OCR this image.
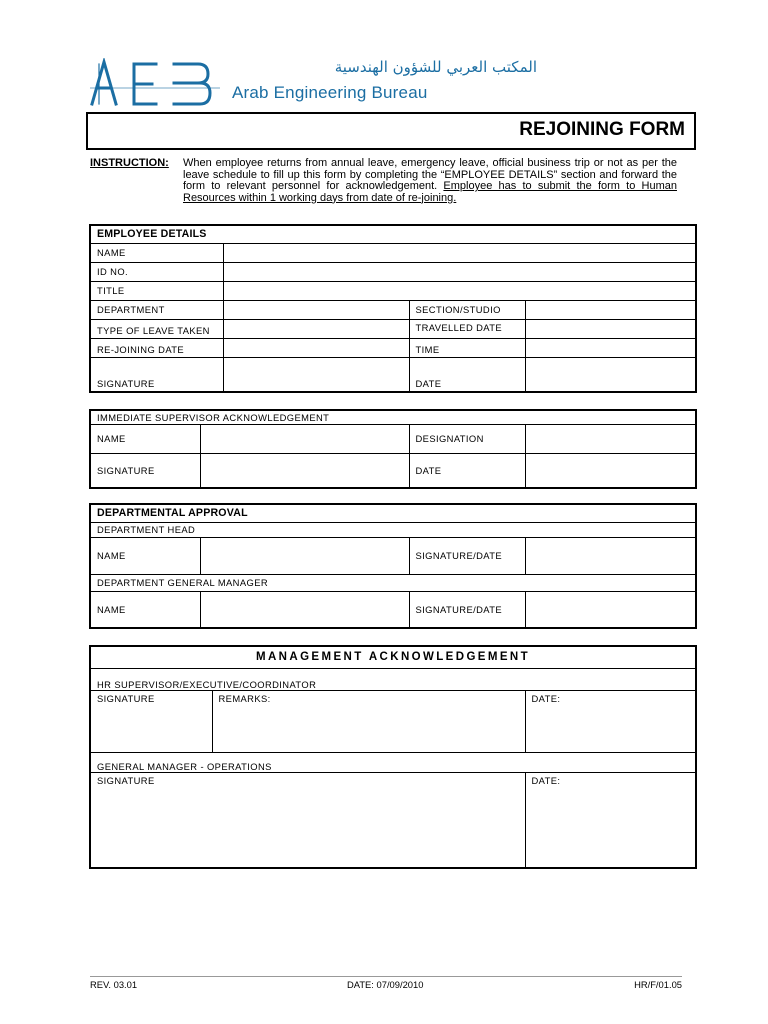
المكتب العربي للشؤون الهندسية
Arab Engineering Bureau
REJOINING FORM
INSTRUCTION: When employee returns from annual leave, emergency leave, official business trip or not as per the leave schedule to fill up this form by completing the “EMPLOYEE DETAILS” section and forward the form to relevant personnel for acknowledgement. Employee has to submit the form to Human Resources within 1 working days from date of re-joining.
EMPLOYEE DETAILS			
NAME			
ID NO.			
TITLE			
DEPARTMENT		SECTION/STUDIO	
TYPE OF LEAVE TAKEN		TRAVELLED DATE	
RE-JOINING DATE		TIME	
SIGNATURE		DATE	
IMMEDIATE SUPERVISOR ACKNOWLEDGEMENT			
NAME		DESIGNATION	
SIGNATURE		DATE	
DEPARTMENTAL APPROVAL			
DEPARTMENT HEAD			
NAME		SIGNATURE/DATE	
DEPARTMENT GENERAL MANAGER			
NAME		SIGNATURE/DATE	
MANAGEMENT ACKNOWLEDGEMENT		
HR SUPERVISOR/EXECUTIVE/COORDINATOR		
SIGNATURE	REMARKS:	DATE:
GENERAL MANAGER - OPERATIONS		
SIGNATURE		DATE:
REV. 03.01	DATE: 07/09/2010	HR/F/01.05
